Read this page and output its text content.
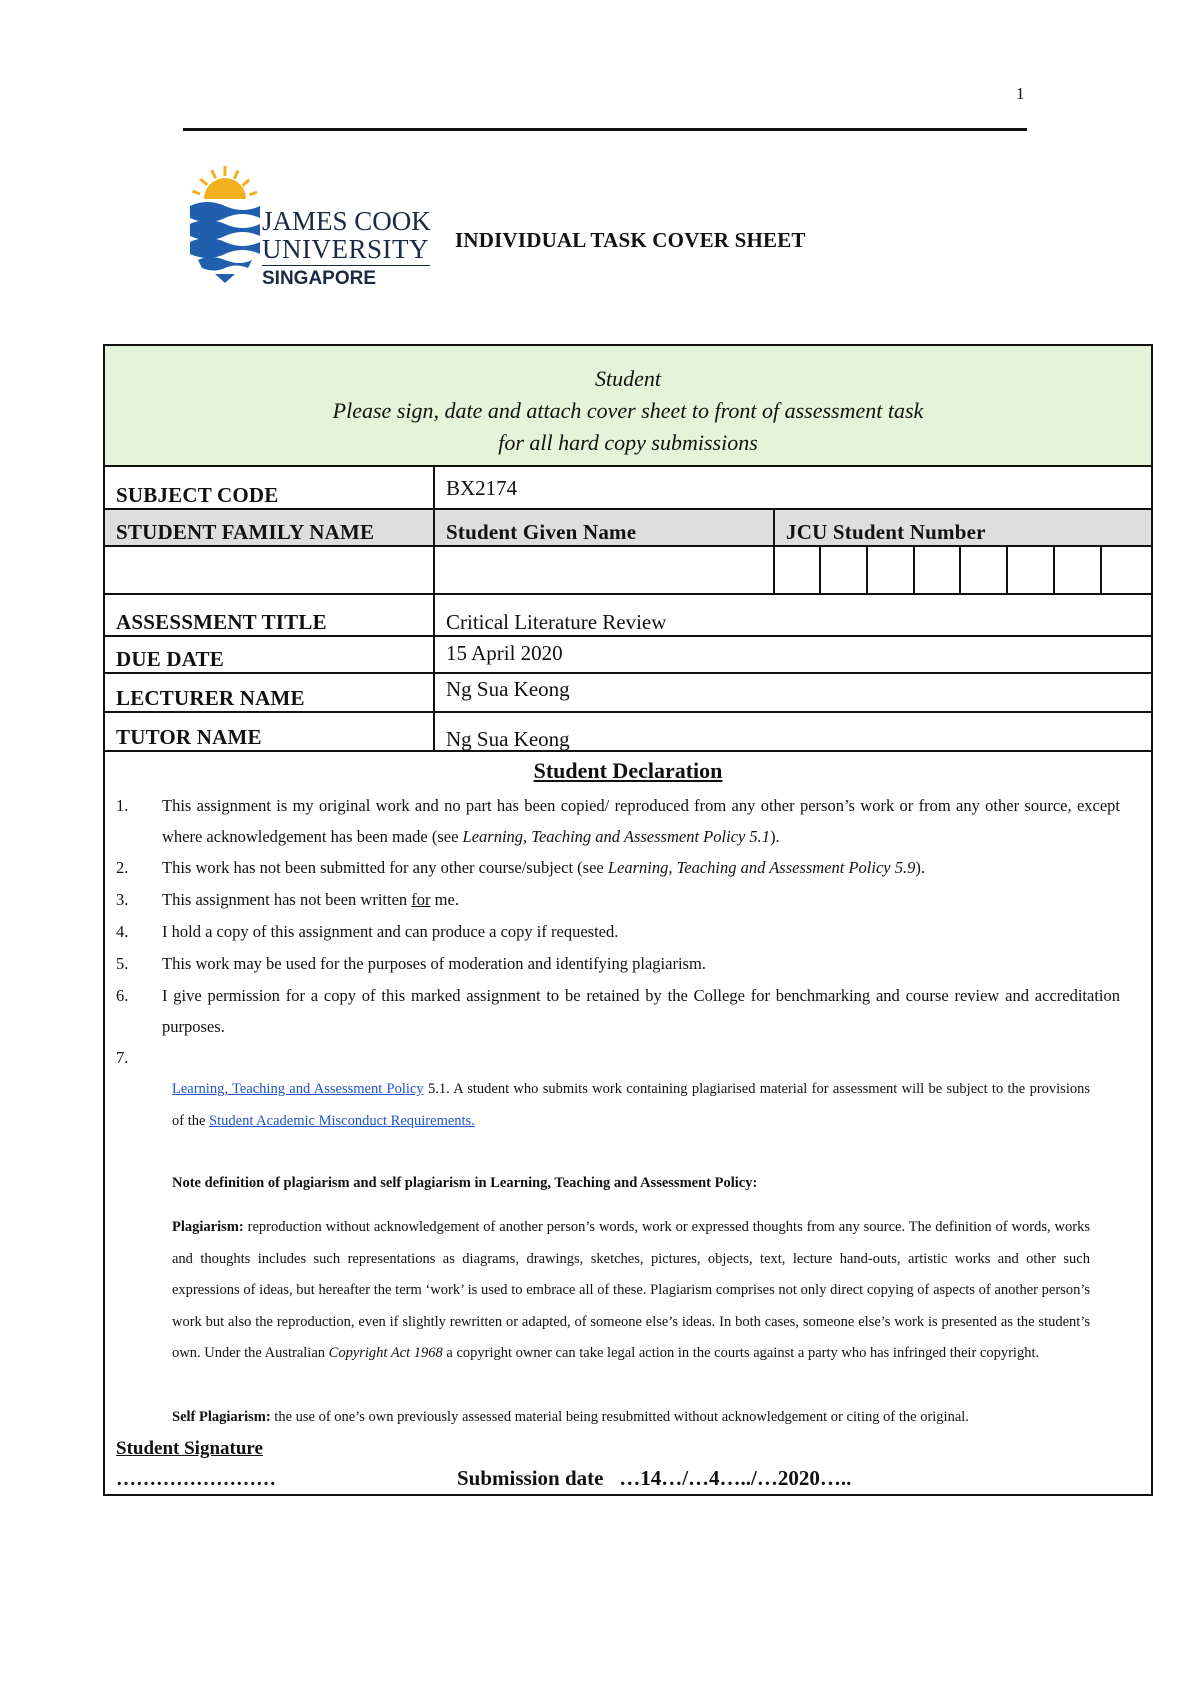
1
JAMES COOK
UNIVERSITY
SINGAPORE
INDIVIDUAL TASK COVER SHEET
Student
Please sign, date and attach cover sheet to front of assessment task
for all hard copy submissions
SUBJECT CODE	BX2174
STUDENT FAMILY NAME	Student Given Name	JCU Student Number
ASSESSMENT TITLE	Critical Literature Review
DUE DATE	15 April 2020
LECTURER NAME	Ng Sua Keong
TUTOR NAME	Ng Sua Keong
Student Declaration
1. This assignment is my original work and no part has been copied/ reproduced from any other person’s work or from any other source, except where acknowledgement has been made (see Learning, Teaching and Assessment Policy 5.1).
2. This work has not been submitted for any other course/subject (see Learning, Teaching and Assessment Policy 5.9).
3. This assignment has not been written for me.
4. I hold a copy of this assignment and can produce a copy if requested.
5. This work may be used for the purposes of moderation and identifying plagiarism.
6. I give permission for a copy of this marked assignment to be retained by the College for benchmarking and course review and accreditation purposes.
7.
Learning, Teaching and Assessment Policy 5.1. A student who submits work containing plagiarised material for assessment will be subject to the provisions of the Student Academic Misconduct Requirements.
Note definition of plagiarism and self plagiarism in Learning, Teaching and Assessment Policy:
Plagiarism: reproduction without acknowledgement of another person’s words, work or expressed thoughts from any source. The definition of words, works and thoughts includes such representations as diagrams, drawings, sketches, pictures, objects, text, lecture hand-outs, artistic works and other such expressions of ideas, but hereafter the term ‘work’ is used to embrace all of these. Plagiarism comprises not only direct copying of aspects of another person’s work but also the reproduction, even if slightly rewritten or adapted, of someone else’s ideas. In both cases, someone else’s work is presented as the student’s own. Under the Australian Copyright Act 1968 a copyright owner can take legal action in the courts against a party who has infringed their copyright.
Self Plagiarism: the use of one’s own previously assessed material being resubmitted without acknowledgement or citing of the original.
Student Signature
……………………	Submission date …14…/…4…../…2020…..
